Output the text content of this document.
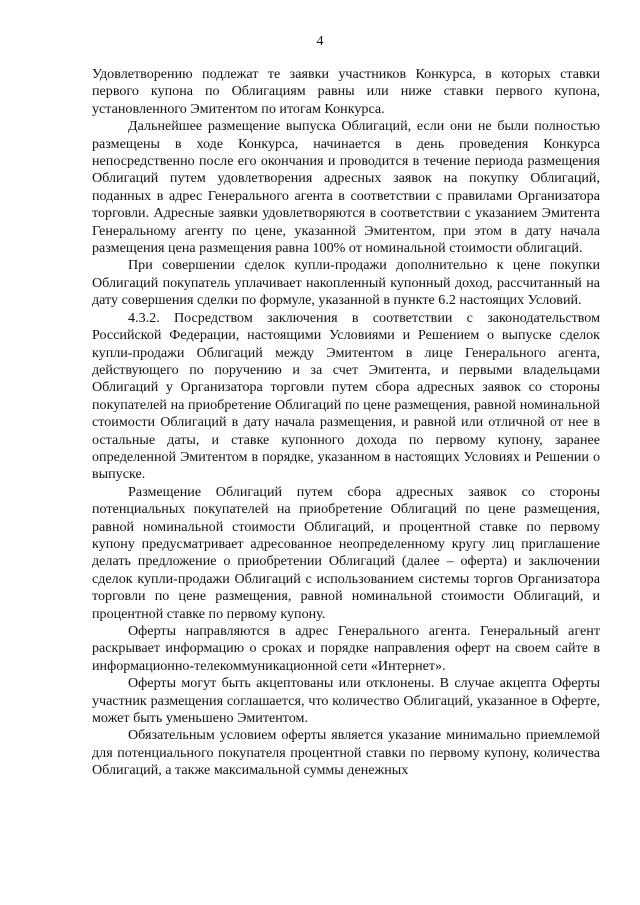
4

Удовлетворению подлежат те заявки участников Конкурса, в которых ставки первого купона по Облигациям равны или ниже ставки первого купона, установленного Эмитентом по итогам Конкурса.

Дальнейшее размещение выпуска Облигаций, если они не были полностью размещены в ходе Конкурса, начинается в день проведения Конкурса непосредственно после его окончания и проводится в течение периода размещения Облигаций путем удовлетворения адресных заявок на покупку Облигаций, поданных в адрес Генерального агента в соответствии с правилами Организатора торговли. Адресные заявки удовлетворяются в соответствии с указанием Эмитента Генеральному агенту по цене, указанной Эмитентом, при этом в дату начала размещения цена размещения равна 100% от номинальной стоимости облигаций.

При совершении сделок купли-продажи дополнительно к цене покупки Облигаций покупатель уплачивает накопленный купонный доход, рассчитанный на дату совершения сделки по формуле, указанной в пункте 6.2 настоящих Условий.

4.3.2. Посредством заключения в соответствии с законодательством Российской Федерации, настоящими Условиями и Решением о выпуске сделок купли-продажи Облигаций между Эмитентом в лице Генерального агента, действующего по поручению и за счет Эмитента, и первыми владельцами Облигаций у Организатора торговли путем сбора адресных заявок со стороны покупателей на приобретение Облигаций по цене размещения, равной номинальной стоимости Облигаций в дату начала размещения, и равной или отличной от нее в остальные даты, и ставке купонного дохода по первому купону, заранее определенной Эмитентом в порядке, указанном в настоящих Условиях и Решении о выпуске.

Размещение Облигаций путем сбора адресных заявок со стороны потенциальных покупателей на приобретение Облигаций по цене размещения, равной номинальной стоимости Облигаций, и процентной ставке по первому купону предусматривает адресованное неопределенному кругу лиц приглашение делать предложение о приобретении Облигаций (далее – оферта) и заключении сделок купли-продажи Облигаций с использованием системы торгов Организатора торговли по цене размещения, равной номинальной стоимости Облигаций, и процентной ставке по первому купону.

Оферты направляются в адрес Генерального агента. Генеральный агент раскрывает информацию о сроках и порядке направления оферт на своем сайте в информационно-телекоммуникационной сети «Интернет».

Оферты могут быть акцептованы или отклонены. В случае акцепта Оферты участник размещения соглашается, что количество Облигаций, указанное в Оферте, может быть уменьшено Эмитентом.

Обязательным условием оферты является указание минимально приемлемой для потенциального покупателя процентной ставки по первому купону, количества Облигаций, а также максимальной суммы денежных
